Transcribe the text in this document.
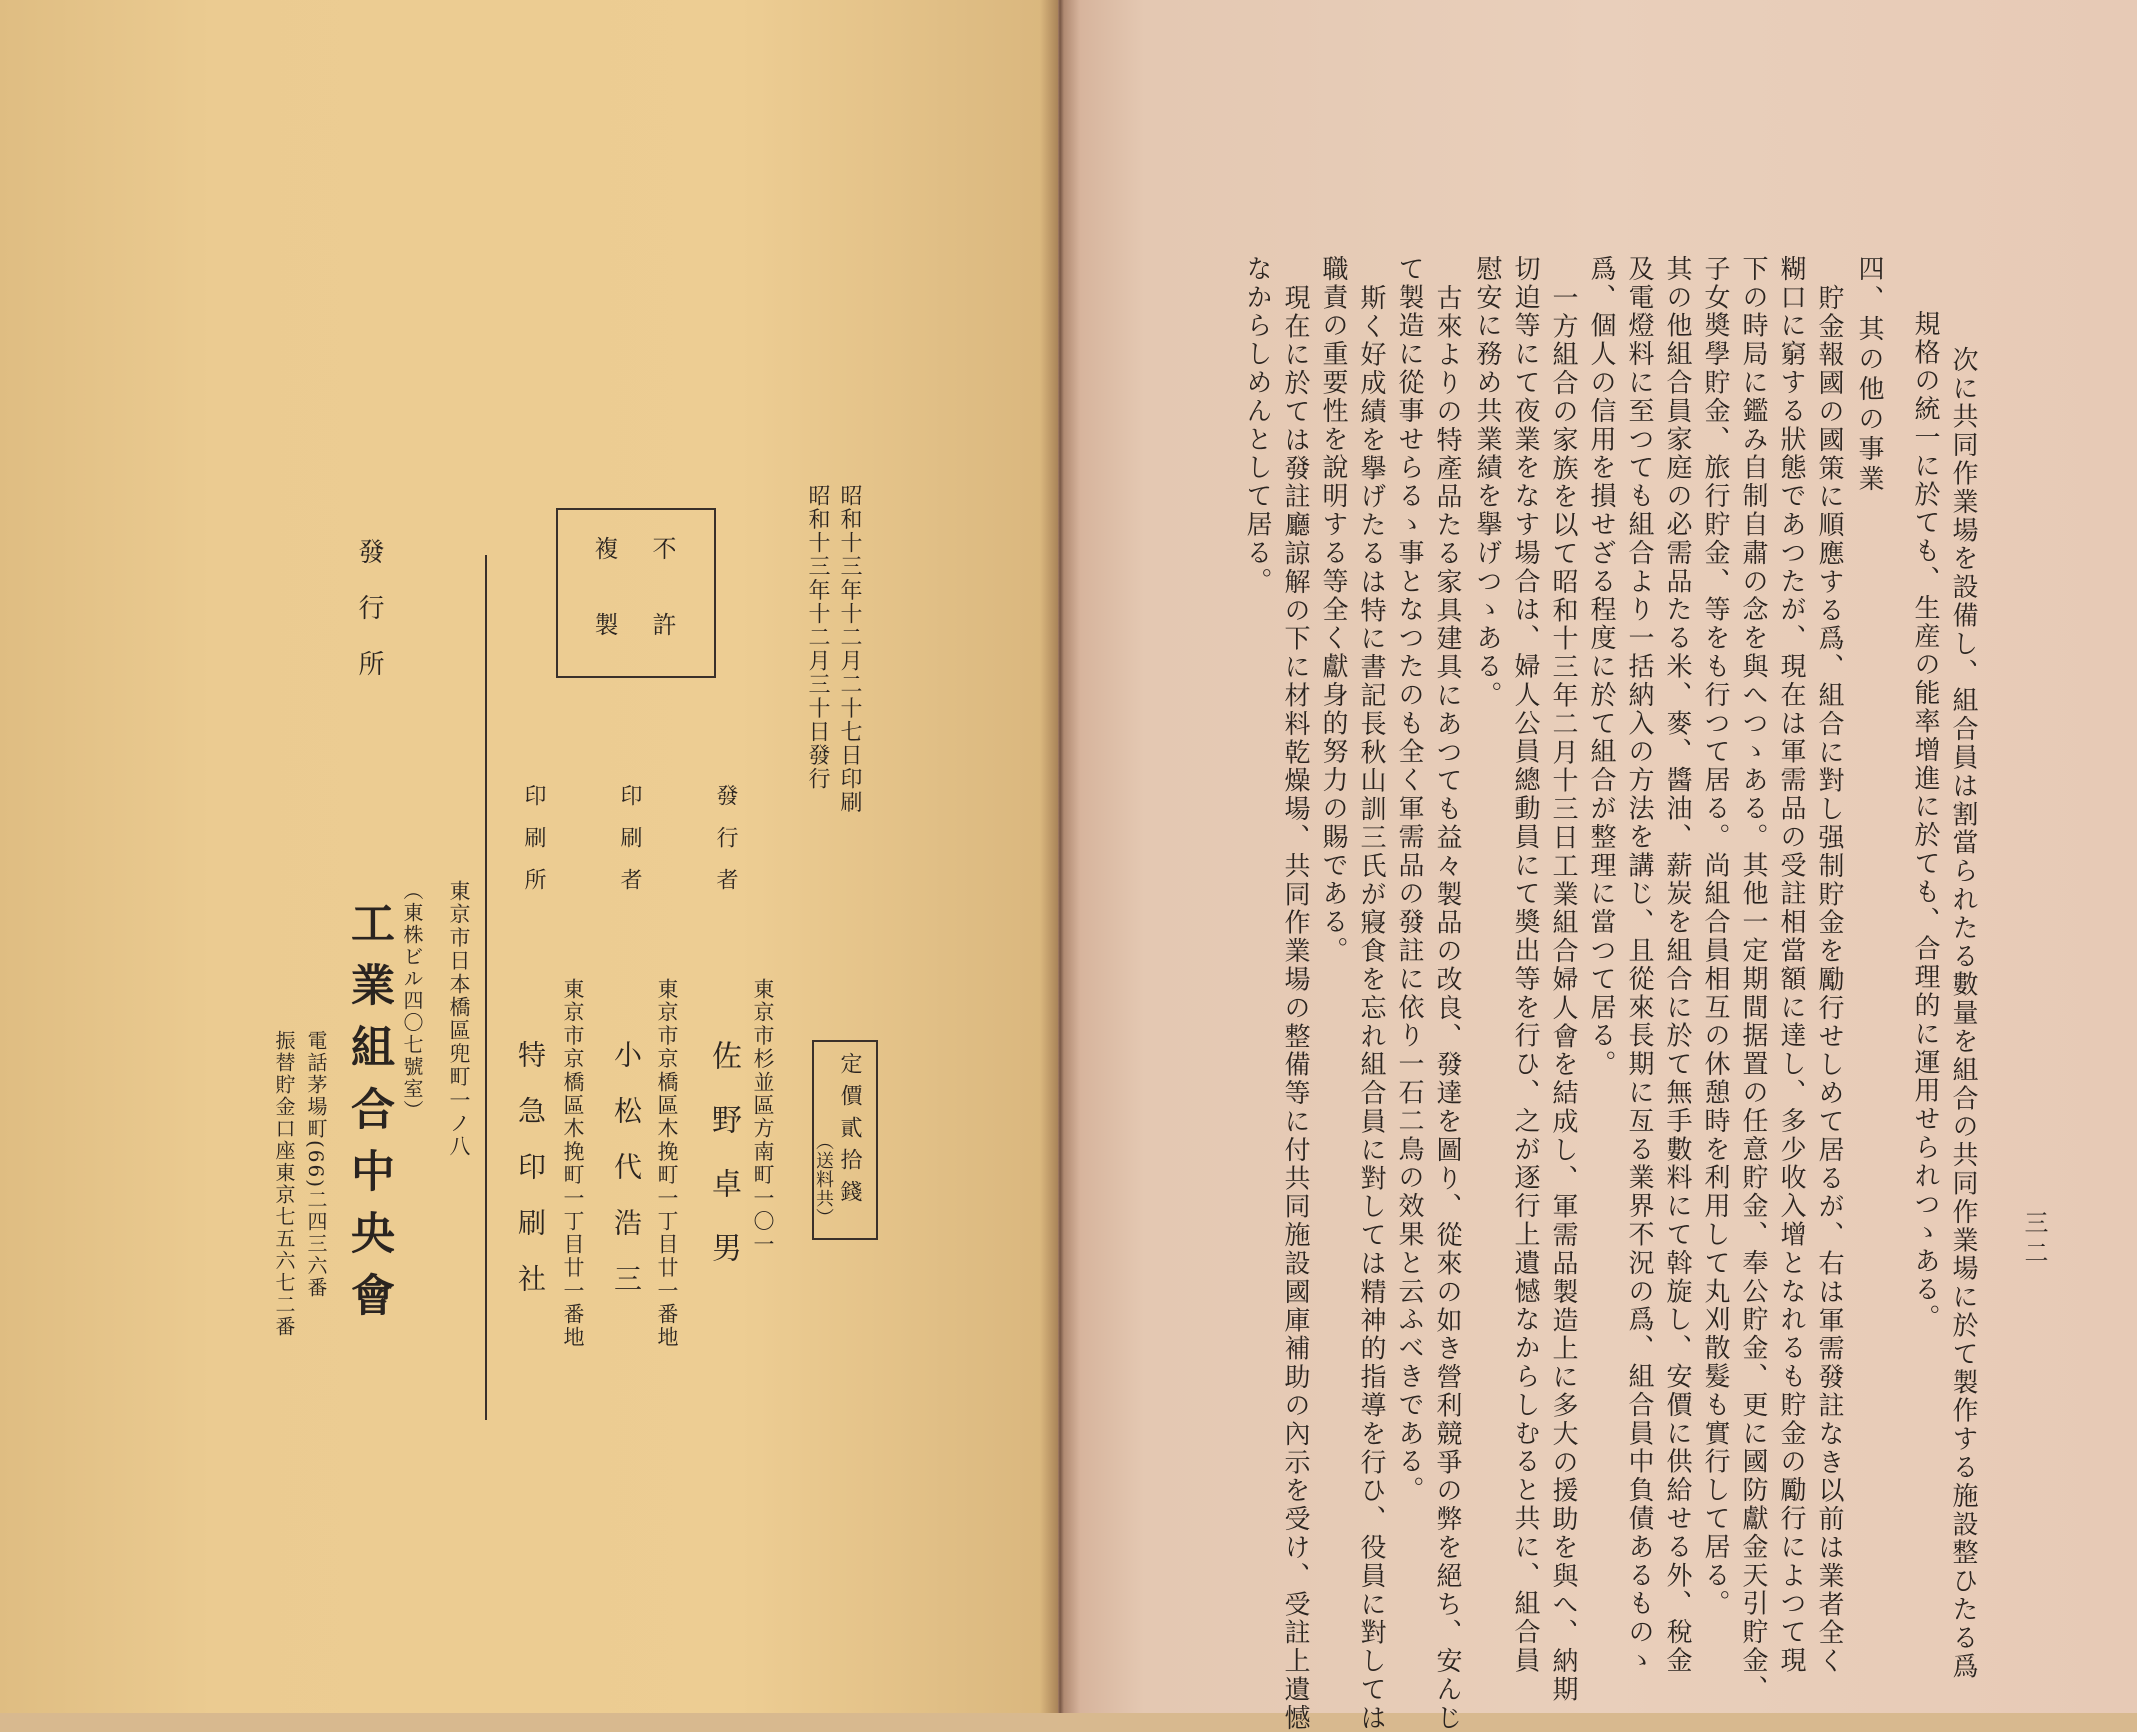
三二
次に共同作業場を設備し、組合員は割當られたる數量を組合の共同作業場に於て製作する施設整ひたる爲
規格の統一に於ても、生産の能率增進に於ても、合理的に運用せられつゝある。
四、其の他の事業
貯金報國の國策に順應する爲、組合に對し强制貯金を勵行せしめて居るが、右は軍需發註なき以前は業者全く
糊口に窮する狀態であつたが、現在は軍需品の受註相當額に達し、多少收入增となれるも貯金の勵行によつて現
下の時局に鑑み自制自肅の念を與へつゝある。其他一定期間据置の任意貯金、奉公貯金、更に國防獻金天引貯金、
子女奬學貯金、旅行貯金、等をも行つて居る。尚組合員相互の休憩時を利用して丸刈散髮も實行して居る。
其の他組合員家庭の必需品たる米、麥、醬油、薪炭を組合に於て無手數料にて斡旋し、安價に供給せる外、稅金
及電燈料に至つても組合より一括納入の方法を講じ、且從來長期に亙る業界不況の爲、組合員中負債あるものゝ
爲、個人の信用を損せざる程度に於て組合が整理に當つて居る。
一方組合の家族を以て昭和十三年二月十三日工業組合婦人會を結成し、軍需品製造上に多大の援助を與へ、納期
切迫等にて夜業をなす場合は、婦人公員總動員にて奬出等を行ひ、之が逐行上遺憾なからしむると共に、組合員
慰安に務め共業績を擧げつゝある。
古來よりの特產品たる家具建具にあつても益々製品の改良、發達を圖り、從來の如き營利競爭の弊を絕ち、安んじ
て製造に從事せらるゝ事となつたのも全く軍需品の發註に依り一石二鳥の效果と云ふべきである。
斯く好成績を擧げたるは特に書記長秋山訓三氏が寢食を忘れ組合員に對しては精神的指導を行ひ、役員に對しては
職責の重要性を說明する等全く獻身的努力の賜である。
現在に於ては發註廳諒解の下に材料乾燥場、共同作業場の整備等に付共同施設國庫補助の內示を受け、受註上遺憾
なからしめんとして居る。
昭和十三年十二月二十七日印刷
昭和十三年十二月三十日發行
不許
複製
發行者
東京市杉並區方南町一〇一
佐野卓男	定價貳拾錢
（送料共）
印刷者
東京市京橋區木挽町一丁目廿一番地
小松代浩三
印刷所
東京市京橋區木挽町一丁目廿一番地
特急印刷社
發行所
東京市日本橋區兜町一ノ八
（東株ビル四〇七號室）
工業組合中央會
電話茅場町(66)二四三六番
振替貯金口座東京七五六七二番
